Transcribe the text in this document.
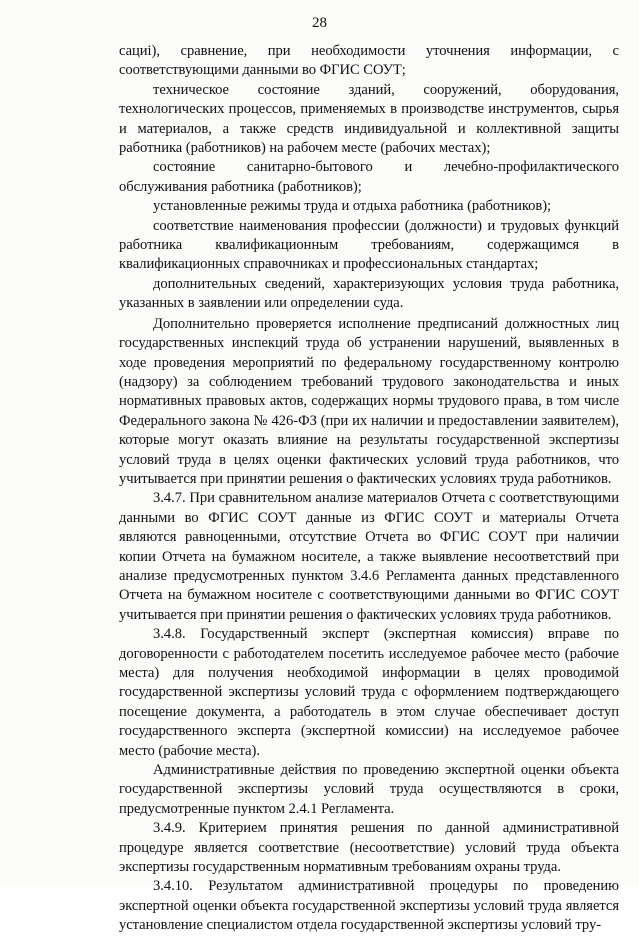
28

сациі), сравнение, при необходимости уточнения информации, с соответствующими данными во ФГИС СОУТ;

техническое состояние зданий, сооружений, оборудования, технологических процессов, применяемых в производстве инструментов, сырья и материалов, а также средств индивидуальной и коллективной защиты работника (работников) на рабочем месте (рабочих местах);

состояние санитарно-бытового и лечебно-профилактического обслуживания работника (работников);

установленные режимы труда и отдыха работника (работников);

соответствие наименования профессии (должности) и трудовых функций работника квалификационным требованиям, содержащимся в квалификационных справочниках и профессиональных стандартах;

дополнительных сведений, характеризующих условия труда работника, указанных в заявлении или определении суда.

Дополнительно проверяется исполнение предписаний должностных лиц государственных инспекций труда об устранении нарушений, выявленных в ходе проведения мероприятий по федеральному государственному контролю (надзору) за соблюдением требований трудового законодательства и иных нормативных правовых актов, содержащих нормы трудового права, в том числе Федерального закона № 426-ФЗ (при их наличии и предоставлении заявителем), которые могут оказать влияние на результаты государственной экспертизы условий труда в целях оценки фактических условий труда работников, что учитывается при принятии решения о фактических условиях труда работников.

3.4.7. При сравнительном анализе материалов Отчета с соответствующими данными во ФГИС СОУТ данные из ФГИС СОУТ и материалы Отчета являются равноценными, отсутствие Отчета во ФГИС СОУТ при наличии копии Отчета на бумажном носителе, а также выявление несоответствий при анализе предусмотренных пунктом 3.4.6 Регламента данных представленного Отчета на бумажном носителе с соответствующими данными во ФГИС СОУТ учитывается при принятии решения о фактических условиях труда работников.

3.4.8. Государственный эксперт (экспертная комиссия) вправе по договоренности с работодателем посетить исследуемое рабочее место (рабочие места) для получения необходимой информации в целях проводимой государственной экспертизы условий труда с оформлением подтверждающего посещение документа, а работодатель в этом случае обеспечивает доступ государственного эксперта (экспертной комиссии) на исследуемое рабочее место (рабочие места).

Административные действия по проведению экспертной оценки объекта государственной экспертизы условий труда осуществляются в сроки, предусмотренные пунктом 2.4.1 Регламента.

3.4.9. Критерием принятия решения по данной административной процедуре является соответствие (несоответствие) условий труда объекта экспертизы государственным нормативным требованиям охраны труда.

3.4.10. Результатом административной процедуры по проведению экспертной оценки объекта государственной экспертизы условий труда является установление специалистом отдела государственной экспертизы условий тру-
